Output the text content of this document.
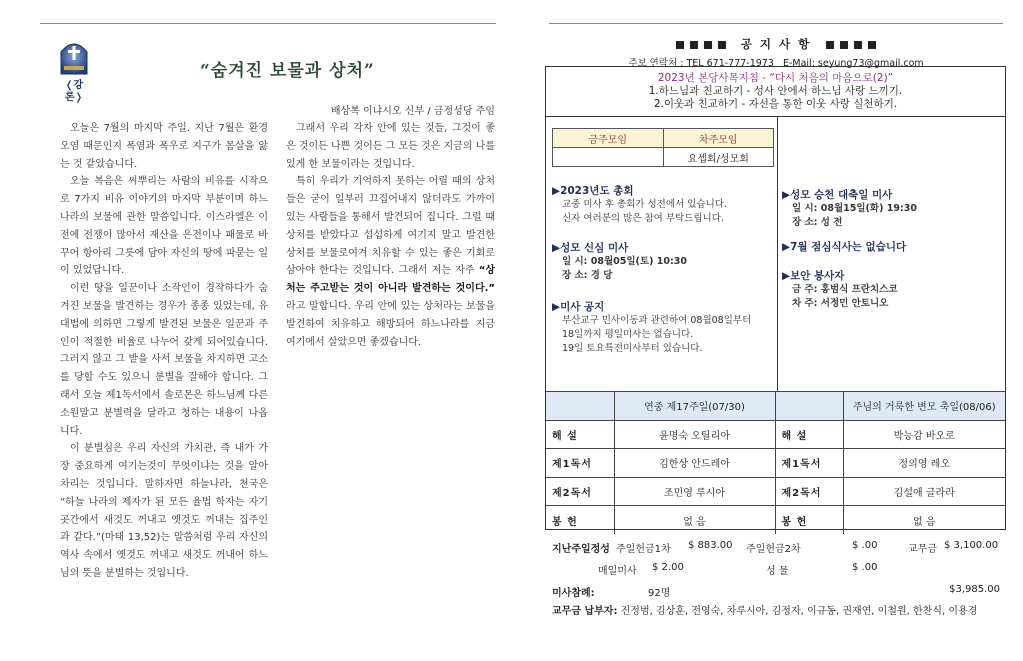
❬강론❭
“숨겨진 보물과 상처”
배상복 이냐시오 신부 / 금정성당 주임

오늘은 7월의 마지막 주일. 지난 7월은 환경오염 때문인지 폭염과 폭우로 지구가 몸살을 앓는 것 같았습니다.

오늘 복음은 씨뿌리는 사람의 비유를 시작으로 7가지 비유 이야기의 마지막 부분이며 하느나라의 보물에 관한 말씀입니다. 이스라엘은 이전에 전쟁이 많아서 재산을 은전이나 패물로 바꾸어 항아리 그릇에 담아 자신의 땅에 파묻는 일이 있었답니다.

이런 땅을 일꾼이나 소작인이 경작하다가 숨겨진 보물을 발견하는 경우가 종종 있었는데, 유대법에 의하면 그렇게 발견된 보물은 일꾼과 주인이 적절한 비율로 나누어 갖게 되어있습니다. 그러지 않고 그 밭을 사서 보물을 차지하면 고소를 당할 수도 있으니 분별을 잘해야 합니다. 그래서 오늘 제1독서에서 솔로몬은 하느님께 다른 소원말고 분별력을 달라고 청하는 내용이 나옵니다.

이 분별심은 우리 자신의 가치관, 즉 내가 가장 중요하게 여기는것이 무엇이냐는 것을 알아차리는 것입니다. 말하자면 하늘나라, 천국은 “하늘 나라의 제자가 된 모든 율법 학자는 자기 곳간에서 새것도 꺼내고 옛것도 꺼내는 집주인과 같다.”(마태 13,52)는 말씀처럼 우리 자신의 역사 속에서 옛것도 꺼내고 새것도 꺼내어 하느님의 뜻을 분별하는 것입니다.

그래서 우리 각자 안에 있는 것들, 그것이 좋은 것이든 나쁜 것이든 그 모든 것은 지금의 나를 있게 한 보물이라는 것입니다.

특히 우리가 기억하지 못하는 어릴 때의 상처들은 굳이 일부러 끄집어내지 않더라도 가까이 있는 사람들을 통해서 발견되어 집니다. 그럴 때 상처를 받았다고 섭섭하게 여기지 말고 발견한 상처를 보물로여겨 치유할 수 있는 좋은 기회로 삼아야 한다는 것입니다. 그래서 저는 자주 “상처는 주고받는 것이 아니라 발견하는 것이다.” 라고 말합니다. 우리 안에 있는 상처라는 보물을 발견하여 치유하고 해방되어 하느나라를 지금 여기에서 살았으면 좋겠습니다.

공 지 사 항
주보 연락처 : TEL 671-777-1973 E-Mail: seyung73@gmail.com
2023년 본당사목지침 - “다시 처음의 마음으로(2)”
1.하느님과 친교하기 - 성사 안에서 하느님 사랑 느끼기.
2.이웃과 친교하기 - 자선을 통한 이웃 사랑 실천하기.
금주모임	차주모임
	요셉회/성모회
▶2023년도 총회
교중 미사 후 총회가 성전에서 있습니다.
신자 여러분의 많은 참여 부탁드립니다.
▶성모 신심 미사
일 시: 08월05일(토) 10:30
장 소: 경 당
▶미사 공지
부산교구 민사이동과 관련하여 08월08일부터
18일까지 평일미사는 없습니다.
19일 토요특전미사부터 있습니다.
▶성모 승천 대축일 미사
일 시: 08월15일(화) 19:30
장 소: 성 전
▶7월 점심식사는 없습니다
▶보안 봉사자
금 주: 홍범식 프란치스코
차 주: 서정민 안토니오
	연중 제17주일(07/30)		주님의 거룩한 변모 축일(08/06)
해 설	윤명숙 오틸리아	해 설	박능감 바오로
제1독서	김한상 안드레아	제1독서	정의영 레오
제2독서	조민영 루시아	제2독서	김설애 글라라
봉 헌	없 음	봉 헌	없 음
지난주일정성 주일헌금1차 $ 883.00 주일헌금2차	$ .00	교무금 $ 3,100.00
매일미사 $ 2.00	성 물	$ .00
미사참례:	92명	$3,985.00
교무금 납부자: 진정범, 김상훈, 전영숙, 차루시아, 김정자, 이규동, 권재연, 이철원, 한찬식, 이용경
